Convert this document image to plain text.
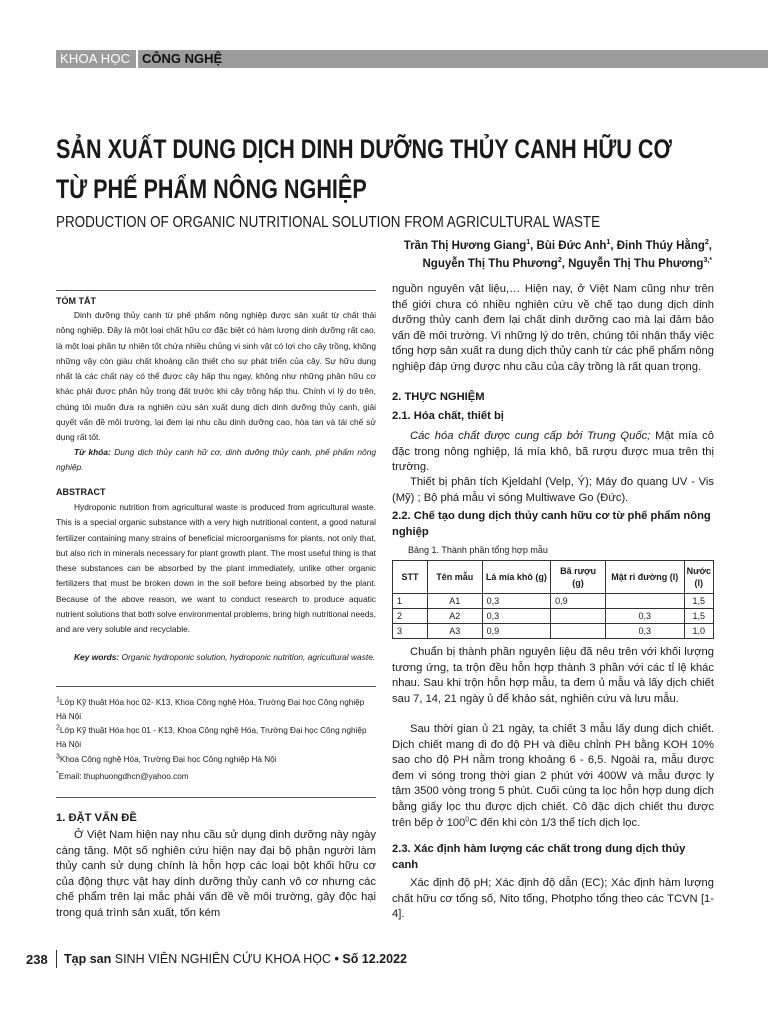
KHOA HỌC CÔNG NGHỆ
SẢN XUẤT DUNG DỊCH DINH DƯỠNG THỦY CANH HỮU CƠ
TỪ PHẾ PHẨM NÔNG NGHIỆP
PRODUCTION OF ORGANIC NUTRITIONAL SOLUTION FROM AGRICULTURAL WASTE
Trần Thị Hương Giang$^1$, Bùi Đức Anh$^1$, Đinh Thúy Hằng$^2$,
Nguyễn Thị Thu Phương$^2$, Nguyễn Thị Thu Phương$^{3,*}$
TÓM TẮT
Dinh dưỡng thủy canh từ phế phẩm nông nghiệp được sản xuất từ chất thải nông nghiệp. Đây là một loại chất hữu cơ đặc biệt có hàm lượng dinh dưỡng rất cao, là một loại phân tự nhiên tốt chứa nhiều chủng vi sinh vật có lợi cho cây trồng, không những vậy còn giàu chất khoáng cần thiết cho sự phát triển của cây. Sự hữu dụng nhất là các chất này có thể được cây hấp thu ngay, không như những phân hữu cơ khác phải được phân hủy trong đất trước khi cây trồng hấp thu. Chính vì lý do trên, chúng tôi muốn đưa ra nghiên cứu sản xuất dung dịch dinh dưỡng thủy canh, giải quyết vấn đề môi trường, lại đem lại nhu cầu dinh dưỡng cao, hòa tan và tái chế sử dụng rất tốt.
Từ khóa: Dung dịch thủy canh hữ cơ, dinh dưỡng thủy canh, phế phẩm nông nghiệp.
ABSTRACT
Hydroponic nutrition from agricultural waste is produced from agricultural waste. This is a special organic substance with a very high nutritional content, a good natural fertilizer containing many strains of beneficial microorganisms for plants, not only that, but also rich in minerals necessary for plant growth plant. The most useful thing is that these substances can be absorbed by the plant immediately, unlike other organic fertilizers that must be broken down in the soil before being absorbed by the plant. Because of the above reason, we want to conduct research to produce aquatic nutrient solutions that both solve environmental problems, bring high nutritional needs, and are very soluble and recyclable.
Key words: Organic hydroponic solution, hydroponic nutrition, agricultural waste.
$^1$Lớp Kỹ thuật Hóa học 02- K13, Khoa Công nghệ Hóa, Trường Đại học Công nghiệp Hà Nội
$^2$Lớp Kỹ thuật Hóa học 01 - K13, Khoa Công nghệ Hóa, Trường Đại học Công nghiệp Hà Nội
$^3$Khoa Công nghệ Hóa, Trường Đại học Công nghiệp Hà Nội
*Email: thuphuongdhcn@yahoo.com
1. ĐẶT VẤN ĐỀ
Ở Việt Nam hiện nay nhu cầu sử dụng dinh dưỡng này ngày càng tăng. Một số nghiên cứu hiện nay đại bộ phận người làm thủy canh sử dụng chính là hỗn hợp các loại bột khối hữu cơ của động thực vật hay dinh dưỡng thủy canh vô cơ nhưng các chế phẩm trên lại mắc phải vấn đề về môi trường, gây độc hại trong quá trình sản xuất, tốn kém
nguồn nguyên vật liệu,… Hiện nay, ở Việt Nam cũng như trên thế giới chưa có nhiều nghiên cứu về chế tạo dung dịch dinh dưỡng thủy canh đem lại chất dinh dưỡng cao mà lại đảm bảo vấn đề môi trường. Vì những lý do trên, chúng tôi nhận thấy việc tổng hợp sản xuất ra dung dịch thủy canh từ các phế phẩm nông nghiệp đáp ứng được nhu cầu của cây trồng là rất quan trọng.
2. THỰC NGHIỆM
2.1. Hóa chất, thiết bị
Các hóa chất được cung cấp bởi Trung Quốc; Mật mía cô đặc trong nông nghiệp, lá mía khô, bã rượu được mua trên thị trường.
Thiết bị phân tích Kjeldahl (Velp, Ý); Máy đo quang UV - Vis (Mỹ) ; Bộ phá mẫu vi sóng Multiwave Go (Đức).
2.2. Chế tạo dung dịch thủy canh hữu cơ từ phế phẩm nông nghiệp
Bảng 1. Thành phần tổng hợp mẫu
STT	Tên mẫu	Lá mía khô (g)	Bã rượu (g)	Mật rỉ đường (l)	Nước (l)
1	A1	0,3	0,9		1,5
2	A2	0,3		0,3	1,5
3	A3	0,9		0,3	1,0
Chuẩn bị thành phần nguyên liệu đã nêu trên với khối lượng tương ứng, ta trộn đều hỗn hợp thành 3 phần với các tỉ lệ khác nhau. Sau khi trộn hỗn hợp mẫu, ta đem ủ mẫu và lấy dịch chiết sau 7, 14, 21 ngày ủ để khảo sát, nghiên cứu và lưu mẫu.
Sau thời gian ủ 21 ngày, ta chiết 3 mẫu lấy dung dịch chiết. Dịch chiết mang đi đo độ PH và điều chỉnh PH bằng KOH 10% sao cho độ PH nằm trong khoảng 6 - 6,5. Ngoài ra, mẫu được đem vi sóng trong thời gian 2 phút với 400W và mẫu được ly tâm 3500 vòng trong 5 phút. Cuối cùng ta lọc hỗn hợp dung dịch bằng giấy lọc thu được dịch chiết. Cô đặc dịch chiết thu được trên bếp ở $100^0C$ đến khi còn 1/3 thể tích dịch lọc.
2.3. Xác định hàm lượng các chất trong dung dịch thủy canh
Xác định độ pH; Xác định độ dẫn (EC); Xác định hàm lượng chất hữu cơ tổng số, Nito tổng, Photpho tổng theo các TCVN [1-4].
238 Tạp san SINH VIÊN NGHIÊN CỨU KHOA HỌC • Số 12.2022
